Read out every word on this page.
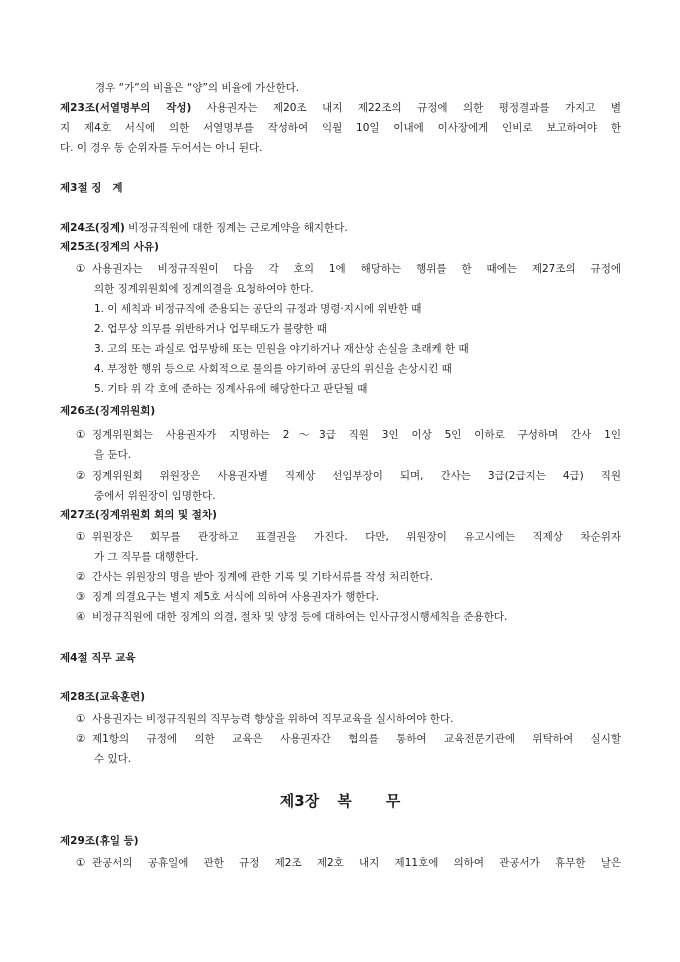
경우 “가”의 비율은 “양”의 비율에 가산한다.
제23조(서열명부의 작성) 사용권자는 제20조 내지 제22조의 규정에 의한 평정결과를 가지고 별
지 제4호 서식에 의한 서열명부를 작성하여 익월 10일 이내에 이사장에게 인비로 보고하여야 한
다. 이 경우 동 순위자를 두어서는 아니 된다.
제3절 징   계
제24조(징계) 비정규직원에 대한 징계는 근로계약을 해지한다.
제25조(징계의 사유)
① 사용권자는 비정규직원이 다음 각 호의 1에 해당하는 행위를 한 때에는 제27조의 규정에
의한 징계위원회에 징계의결을 요청하여야 한다.
1. 이 세칙과 비정규직에 준용되는 공단의 규정과 명령·지시에 위반한 때
2. 업무상 의무를 위반하거나 업무태도가 불량한 때
3. 고의 또는 과실로 업무방해 또는 민원을 야기하거나 재산상 손실을 초래케 한 때
4. 부정한 행위 등으로 사회적으로 물의를 야기하여 공단의 위신을 손상시킨 때
5. 기타 위 각 호에 준하는 징계사유에 해당한다고 판단될 때
제26조(징계위원회)
① 징계위원회는 사용권자가 지명하는 2～3급 직원 3인 이상 5인 이하로 구성하며 간사 1인
을 둔다.
② 징계위원회 위원장은 사용권자별 직제상 선임부장이 되며, 간사는 3급(2급지는 4급) 직원
중에서 위원장이 임명한다.
제27조(징계위원회 회의 및 절차)
① 위원장은 회무를 관장하고 표결권을 가진다. 다만, 위원장이 유고시에는 직제상 차순위자
가 그 직무를 대행한다.
② 간사는 위원장의 명을 받아 징계에 관한 기록 및 기타서류를 작성 처리한다.
③ 징계 의결요구는 별지 제5호 서식에 의하여 사용권자가 행한다.
④ 비정규직원에 대한 징계의 의결, 절차 및 양정 등에 대하여는 인사규정시행세칙을 준용한다.
제4절 직무 교육
제28조(교육훈련)
① 사용권자는 비정규직원의 직무능력 향상을 위하여 직무교육을 실시하여야 한다.
② 제1항의 규정에 의한 교육은 사용권자간 협의를 통하여 교육전문기관에 위탁하여 실시할
수 있다.
제3장 복 무
제29조(휴일 등)
① 관공서의 공휴일에 관한 규정 제2조 제2호 내지 제11호에 의하여 관공서가 휴무한 날은
